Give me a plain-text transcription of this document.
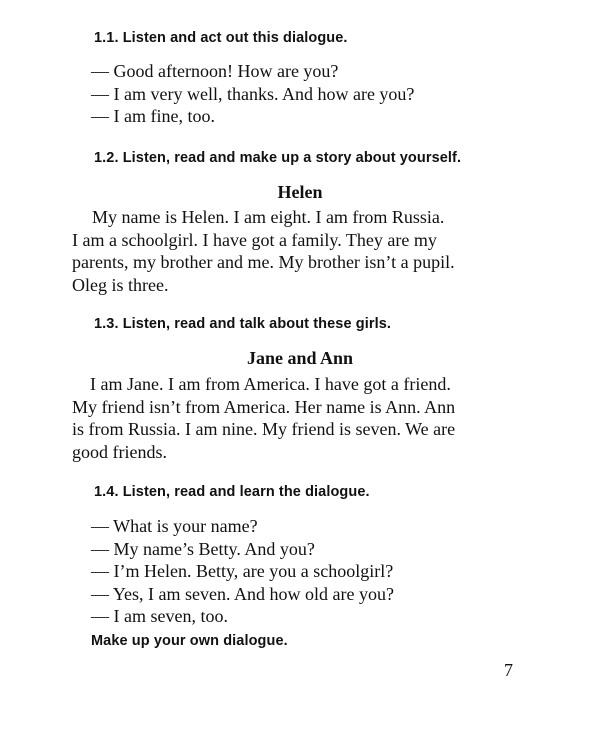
1.1. Listen and act out this dialogue.

— Good afternoon! How are you?
— I am very well, thanks. And how are you?
— I am fine, too.

1.2. Listen, read and make up a story about yourself.

Helen

My name is Helen. I am eight. I am from Russia.
I am a schoolgirl. I have got a family. They are my
parents, my brother and me. My brother isn’t a pupil.
Oleg is three.

1.3. Listen, read and talk about these girls.

Jane and Ann

I am Jane. I am from America. I have got a friend.
My friend isn’t from America. Her name is Ann. Ann
is from Russia. I am nine. My friend is seven. We are
good friends.

1.4. Listen, read and learn the dialogue.

— What is your name?
— My name’s Betty. And you?
— I’m Helen. Betty, are you a schoolgirl?
— Yes, I am seven. And how old are you?
— I am seven, too.

Make up your own dialogue.

7
